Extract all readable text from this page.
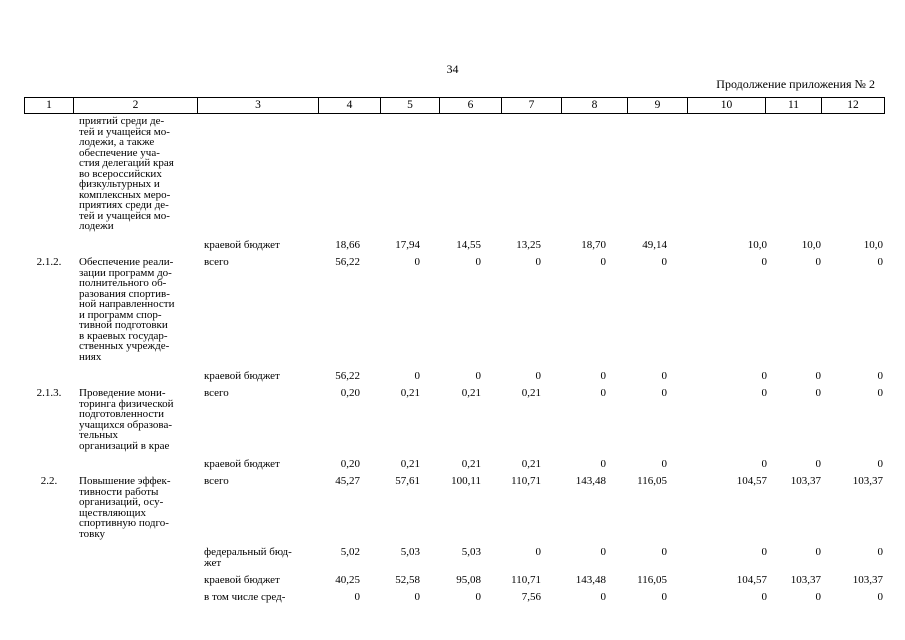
34
Продолжение приложения № 2
1	2	3	4	5	6	7	8	9	10	11	12
приятий среди де-
тей и учащейся мо-
лодежи, а также
обеспечение уча-
стия делегаций края
во всероссийских
физкультурных и
комплексных меро-
приятиях среди де-
тей и учащейся мо-
лодежи
краевой бюджет	18,66	17,94	14,55	13,25	18,70	49,14	10,0	10,0	10,0
2.1.2.	Обеспечение реали-
зации программ до-
полнительного об-
разования спортив-
ной направленности
и программ спор-
тивной подготовки
в краевых государ-
ственных учрежде-
ниях
всего	56,22	0	0	0	0	0	0	0	0
краевой бюджет	56,22	0	0	0	0	0	0	0	0
2.1.3.	Проведение мони-
торинга физической
подготовленности
учащихся образова-
тельных
организаций в крае
всего	0,20	0,21	0,21	0,21	0	0	0	0	0
краевой бюджет	0,20	0,21	0,21	0,21	0	0	0	0	0
2.2.	Повышение эффек-
тивности работы
организаций, осу-
ществляющих
спортивную подго-
товку
всего	45,27	57,61	100,11	110,71	143,48	116,05	104,57	103,37	103,37
федеральный бюд-
жет
5,02	5,03	5,03	0	0	0	0	0	0
краевой бюджет	40,25	52,58	95,08	110,71	143,48	116,05	104,57	103,37	103,37
в том числе сред-	0	0	0	7,56	0	0	0	0	0
